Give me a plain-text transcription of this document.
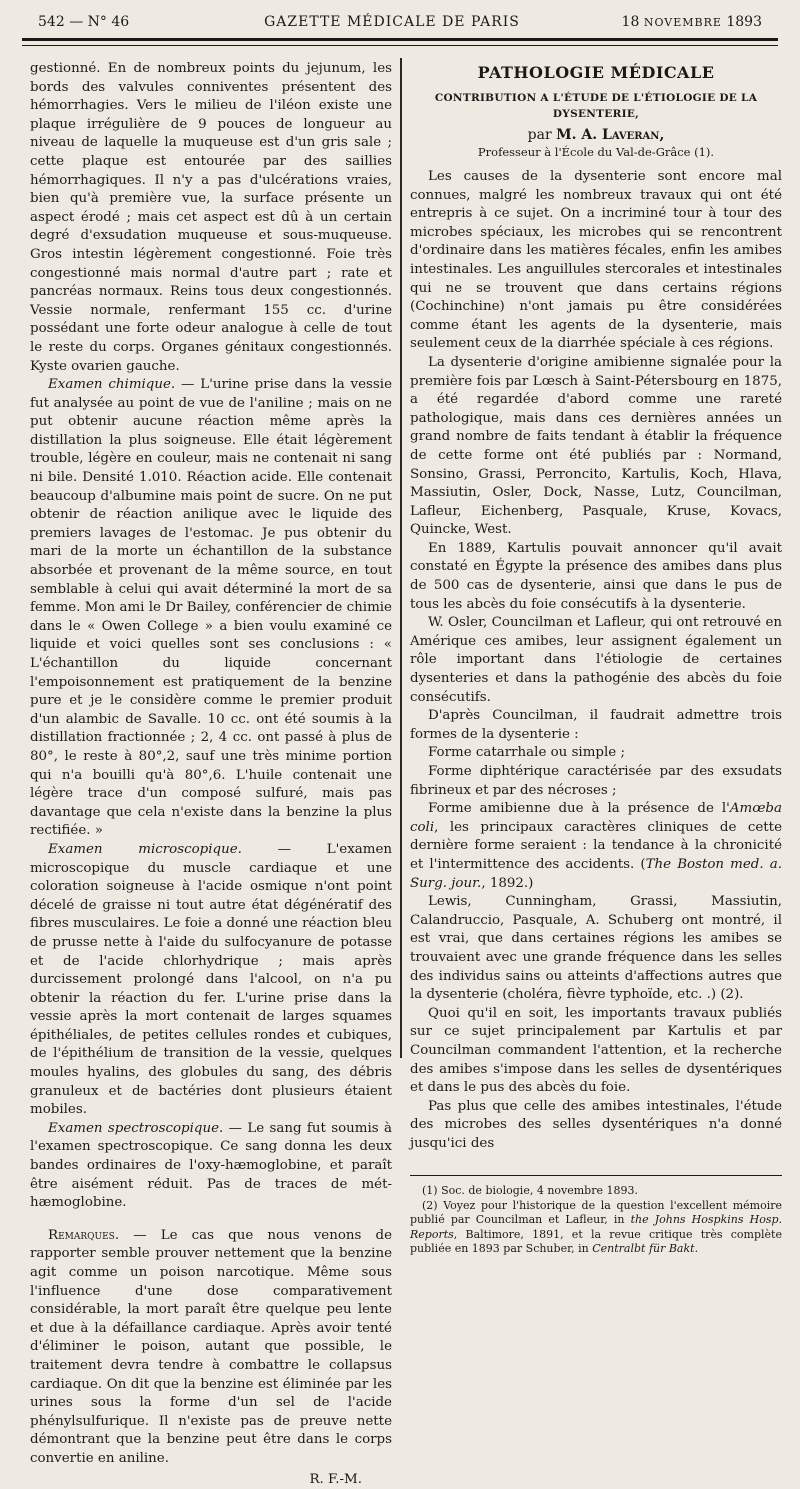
542 — N° 46	GAZETTE MÉDICALE DE PARIS	18 NOVEMBRE 1893

gestionné. En de nombreux points du jejunum, les bords des valvules conniventes présentent des hémorrhagies. Vers le milieu de l'iléon existe une plaque irrégulière de 9 pouces de longueur au niveau de laquelle la muqueuse est d'un gris sale ; cette plaque est entourée par des saillies hémorrhagiques. Il n'y a pas d'ulcérations vraies, bien qu'à première vue, la surface présente un aspect érodé ; mais cet aspect est dû à un certain degré d'exsudation muqueuse et sous-muqueuse. Gros intestin légèrement congestionné. Foie très congestionné mais normal d'autre part ; rate et pancréas normaux. Reins tous deux congestionnés. Vessie normale, renfermant 155 cc. d'urine possédant une forte odeur analogue à celle de tout le reste du corps. Organes génitaux congestionnés. Kyste ovarien gauche.

Examen chimique. — L'urine prise dans la vessie fut analysée au point de vue de l'aniline ; mais on ne put obtenir aucune réaction même après la distillation la plus soigneuse. Elle était légèrement trouble, légère en couleur, mais ne contenait ni sang ni bile. Densité 1.010. Réaction acide. Elle contenait beaucoup d'albumine mais point de sucre. On ne put obtenir de réaction anilique avec le liquide des premiers lavages de l'estomac. Je pus obtenir du mari de la morte un échantillon de la substance absorbée et provenant de la même source, en tout semblable à celui qui avait déterminé la mort de sa femme. Mon ami le Dr Bailey, conférencier de chimie dans le « Owen College » a bien voulu examiné ce liquide et voici quelles sont ses conclusions : « L'échantillon du liquide concernant l'empoisonnement est pratiquement de la benzine pure et je le considère comme le premier produit d'un alambic de Savalle. 10 cc. ont été soumis à la distillation fractionnée ; 2, 4 cc. ont passé à plus de 80°, le reste à 80°,2, sauf une très minime portion qui n'a bouilli qu'à 80°,6. L'huile contenait une légère trace d'un composé sulfuré, mais pas davantage que cela n'existe dans la benzine la plus rectifiée. »

Examen microscopique. — L'examen microscopique du muscle cardiaque et une coloration soigneuse à l'acide osmique n'ont point décelé de graisse ni tout autre état dégénératif des fibres musculaires. Le foie a donné une réaction bleu de prusse nette à l'aide du sulfocyanure de potasse et de l'acide chlorhydrique ; mais après durcissement prolongé dans l'alcool, on n'a pu obtenir la réaction du fer. L'urine prise dans la vessie après la mort contenait de larges squames épithéliales, de petites cellules rondes et cubiques, de l'épithélium de transition de la vessie, quelques moules hyalins, des globules du sang, des débris granuleux et de bactéries dont plusieurs étaient mobiles.

Examen spectroscopique. — Le sang fut soumis à l'examen spectroscopique. Ce sang donna les deux bandes ordinaires de l'oxy-hæmoglobine, et paraît être aisément réduit. Pas de traces de mét-hæmoglobine.

Remarques. — Le cas que nous venons de rapporter semble prouver nettement que la benzine agit comme un poison narcotique. Même sous l'influence d'une dose comparativement considérable, la mort paraît être quelque peu lente et due à la défaillance cardiaque. Après avoir tenté d'éliminer le poison, autant que possible, le traitement devra tendre à combattre le collapsus cardiaque. On dit que la benzine est éliminée par les urines sous la forme d'un sel de l'acide phénylsulfurique. Il n'existe pas de preuve nette démontrant que la benzine peut être dans le corps convertie en aniline.

R. F.-M.

PATHOLOGIE MÉDICALE

CONTRIBUTION A L'ÉTUDE DE L'ÉTIOLOGIE DE LA DYSENTERIE,

par M. A. Laveran,

Professeur à l'École du Val-de-Grâce (1).

Les causes de la dysenterie sont encore mal connues, malgré les nombreux travaux qui ont été entrepris à ce sujet. On a incriminé tour à tour des microbes spéciaux, les microbes qui se rencontrent d'ordinaire dans les matières fécales, enfin les amibes intestinales. Les anguillules stercorales et intestinales qui ne se trouvent que dans certains régions (Cochinchine) n'ont jamais pu être considérées comme étant les agents de la dysenterie, mais seulement ceux de la diarrhée spéciale à ces régions.

La dysenterie d'origine amibienne signalée pour la première fois par Lœsch à Saint-Pétersbourg en 1875, a été regardée d'abord comme une rareté pathologique, mais dans ces dernières années un grand nombre de faits tendant à établir la fréquence de cette forme ont été publiés par : Normand, Sonsino, Grassi, Perroncito, Kartulis, Koch, Hlava, Massiutin, Osler, Dock, Nasse, Lutz, Councilman, Lafleur, Eichenberg, Pasquale, Kruse, Kovacs, Quincke, West.

En 1889, Kartulis pouvait annoncer qu'il avait constaté en Égypte la présence des amibes dans plus de 500 cas de dysenterie, ainsi que dans le pus de tous les abcès du foie consécutifs à la dysenterie.

W. Osler, Councilman et Lafleur, qui ont retrouvé en Amérique ces amibes, leur assignent également un rôle important dans l'étiologie de certaines dysenteries et dans la pathogénie des abcès du foie consécutifs.

D'après Councilman, il faudrait admettre trois formes de la dysenterie :

Forme catarrhale ou simple ;

Forme diphtérique caractérisée par des exsudats fibrineux et par des nécroses ;

Forme amibienne due à la présence de l'Amœba coli, les principaux caractères cliniques de cette dernière forme seraient : la tendance à la chronicité et l'intermittence des accidents. (The Boston med. a. Surg. jour., 1892.)

Lewis, Cunningham, Grassi, Massiutin, Calandruccio, Pasquale, A. Schuberg ont montré, il est vrai, que dans certaines régions les amibes se trouvaient avec une grande fréquence dans les selles des individus sains ou atteints d'affections autres que la dysenterie (choléra, fièvre typhoïde, etc. .) (2).

Quoi qu'il en soit, les importants travaux publiés sur ce sujet principalement par Kartulis et par Councilman commandent l'attention, et la recherche des amibes s'impose dans les selles de dysentériques et dans le pus des abcès du foie.

Pas plus que celle des amibes intestinales, l'étude des microbes des selles dysentériques n'a donné jusqu'ici des

(1) Soc. de biologie, 4 novembre 1893.

(2) Voyez pour l'historique de la question l'excellent mémoire publié par Councilman et Lafleur, in the Johns Hospkins Hosp. Reports, Baltimore, 1891, et la revue critique très complète publiée en 1893 par Schuber, in Centralbt für Bakt.
